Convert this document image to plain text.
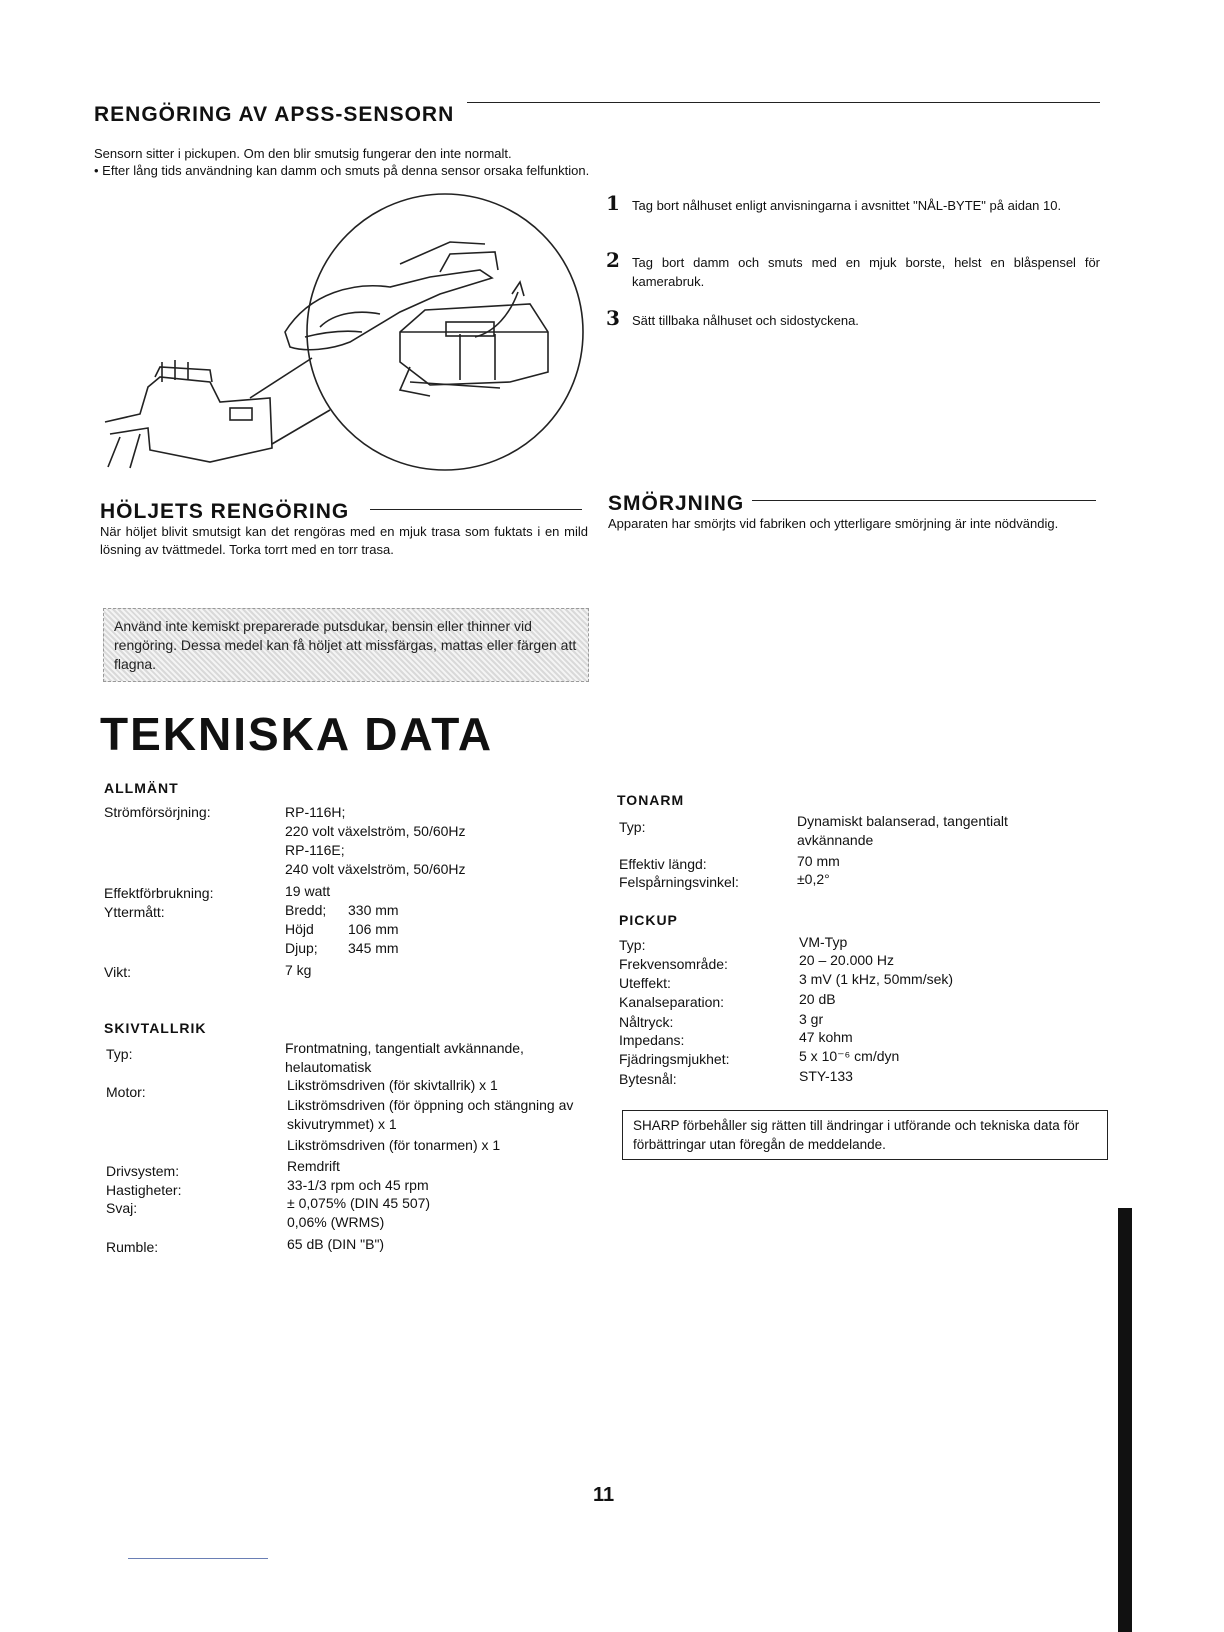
RENGÖRING AV APSS-SENSORN
Sensorn sitter i pickupen. Om den blir smutsig fungerar den inte normalt.
• Efter lång tids användning kan damm och smuts på denna sensor orsaka felfunktion.
1 Tag bort nålhuset enligt anvisningarna i avsnittet "NÅL-BYTE" på aidan 10.
2 Tag bort damm och smuts med en mjuk borste, helst en blåspensel för kamerabruk.
3 Sätt tillbaka nålhuset och sidostyckena.
HÖLJETS RENGÖRING
När höljet blivit smutsigt kan det rengöras med en mjuk trasa som fuktats i en mild lösning av tvättmedel. Torka torrt med en torr trasa.
SMÖRJNING
Apparaten har smörjts vid fabriken och ytterligare smörjning är inte nödvändig.

Använd inte kemiskt preparerade putsdukar, bensin eller thinner vid rengöring. Dessa medel kan få höljet att missfärgas, mattas eller färgen att flagna.

TEKNISKA DATA
ALLMÄNT
Strömförsörjning:	RP-116H;
220 volt växelström, 50/60Hz
RP-116E;
240 volt växelström, 50/60Hz
Effektförbrukning:	19 watt
Yttermått:	Bredd; 330 mm
Höjd 106 mm
Djup; 345 mm
Vikt:	7 kg
SKIVTALLRIK
Typ:	Frontmatning, tangentialt avkännande, helautomatisk
Motor:	Likströmsdriven (för skivtallrik) x 1
Likströmsdriven (för öppning och stängning av skivutrymmet) x 1
Likströmsdriven (för tonarmen) x 1
Drivsystem:	Remdrift
Hastigheter:	33-1/3 rpm och 45 rpm
Svaj:	± 0,075% (DIN 45 507)
0,06% (WRMS)
Rumble:	65 dB (DIN "B")
TONARM
Typ:	Dynamiskt balanserad, tangentialt avkännande
Effektiv längd:	70 mm
Felspårningsvinkel:	±0,2°
PICKUP
Typ:	VM-Typ
Frekvensområde:	20 – 20.000 Hz
Uteffekt:	3 mV (1 kHz, 50mm/sek)
Kanalseparation:	20 dB
Nåltryck:	3 gr
Impedans:	47 kohm
Fjädringsmjukhet:	5 x 10⁻⁶ cm/dyn
Bytesnål:	STY-133

SHARP förbehåller sig rätten till ändringar i utförande och tekniska data för förbättringar utan föregån de meddelande.

11
